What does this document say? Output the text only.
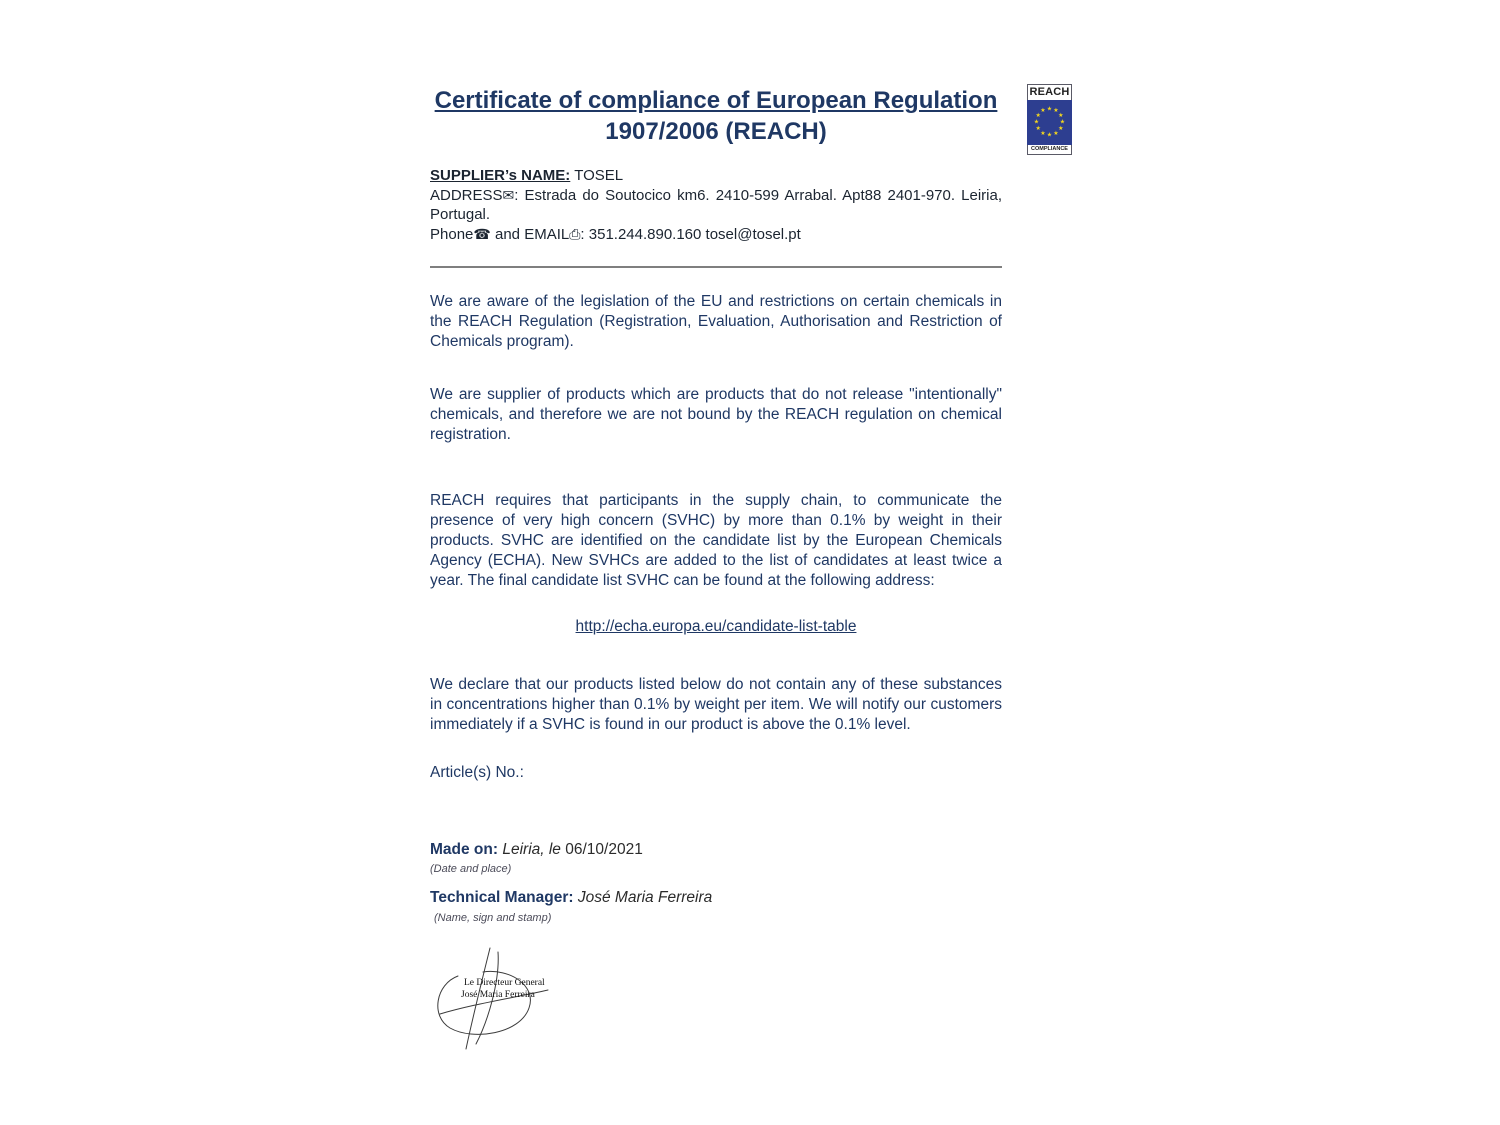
Certificate of compliance of European Regulation
1907/2006 (REACH)
REACH
★ ★
★
★
★
★
★
★
★
★
★
★
COMPLIANCE
SUPPLIER’s NAME: TOSEL
ADDRESS✉: Estrada do Soutocico km6. 2410-599 Arrabal. Apt88 2401-970. Leiria, Portugal.
Phone☎ and EMAIL⎙: 351.244.890.160 tosel@tosel.pt
We are aware of the legislation of the EU and restrictions on certain chemicals in the REACH Regulation (Registration, Evaluation, Authorisation and Restriction of Chemicals program).
We are supplier of products which are products that do not release "intentionally" chemicals, and therefore we are not bound by the REACH regulation on chemical registration.
REACH requires that participants in the supply chain, to communicate the presence of very high concern (SVHC) by more than 0.1% by weight in their products. SVHC are identified on the candidate list by the European Chemicals Agency (ECHA). New SVHCs are added to the list of candidates at least twice a year. The final candidate list SVHC can be found at the following address:
http://echa.europa.eu/candidate-list-table
We declare that our products listed below do not contain any of these substances in concentrations higher than 0.1% by weight per item. We will notify our customers immediately if a SVHC is found in our product is above the 0.1% level.
Article(s) No.:
Made on: Leiria, le 06/10/2021
(Date and place)
Technical Manager: José Maria Ferreira
(Name, sign and stamp)
Le Directeur General
José Maria Ferreira
